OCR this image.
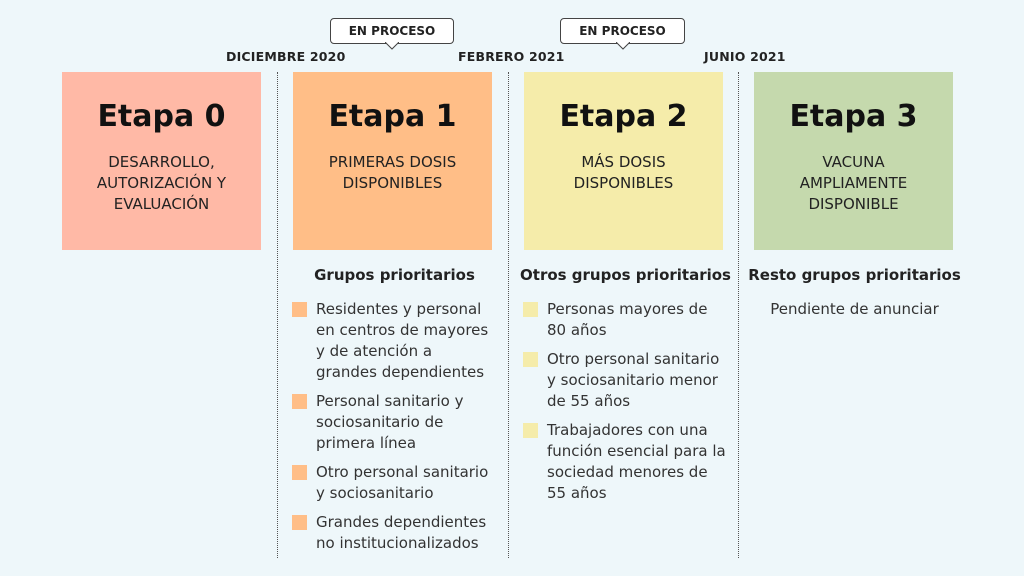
DICIEMBRE 2020	FEBRERO 2021	JUNIO 2021
EN PROCESO	EN PROCESO
Etapa 0
DESARROLLO, AUTORIZACIÓN Y EVALUACIÓN
Etapa 1
PRIMERAS DOSIS DISPONIBLES
Etapa 2
MÁS DOSIS DISPONIBLES
Etapa 3
VACUNA AMPLIAMENTE DISPONIBLE
Grupos prioritarios
Residentes y personal en centros de mayores y de atención a grandes dependientes
Personal sanitario y sociosanitario de primera línea
Otro personal sanitario y sociosanitario
Grandes dependientes no institucionalizados
Otros grupos prioritarios
Personas mayores de 80 años
Otro personal sanitario y sociosanitario menor de 55 años
Trabajadores con una función esencial para la sociedad menores de 55 años
Resto grupos prioritarios
Pendiente de anunciar
